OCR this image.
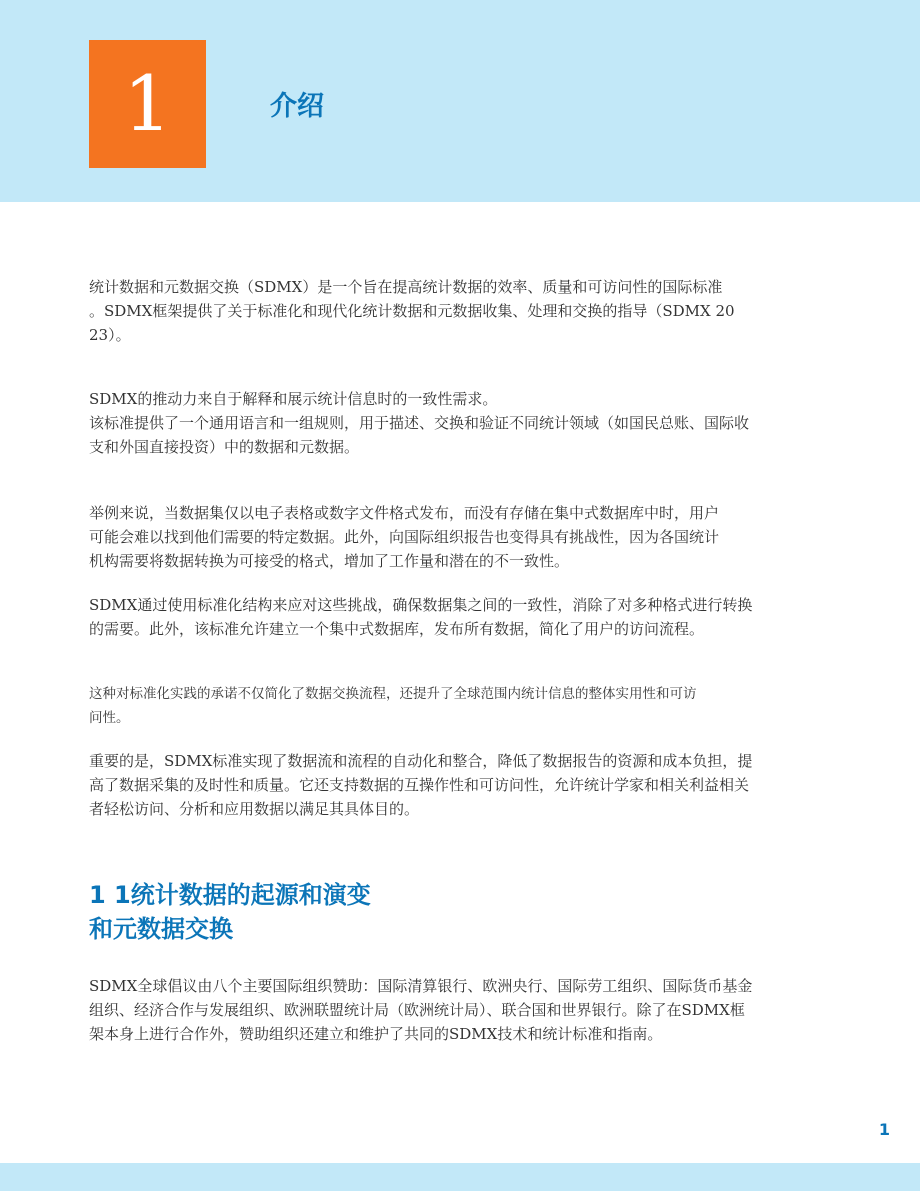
1	介绍

统计数据和元数据交换（SDMX）是一个旨在提高统计数据的效率、质量和可访问性的国际标准
。SDMX框架提供了关于标准化和现代化统计数据和元数据收集、处理和交换的指导（SDMX 20
23）。

SDMX的推动力来自于解释和展示统计信息时的一致性需求。
该标准提供了一个通用语言和一组规则，用于描述、交换和验证不同统计领域（如国民总账、国际收
支和外国直接投资）中的数据和元数据。

举例来说，当数据集仅以电子表格或数字文件格式发布，而没有存储在集中式数据库中时，用户
可能会难以找到他们需要的特定数据。此外，向国际组织报告也变得具有挑战性，因为各国统计
机构需要将数据转换为可接受的格式，增加了工作量和潜在的不一致性。

SDMX通过使用标准化结构来应对这些挑战，确保数据集之间的一致性，消除了对多种格式进行转换
的需要。此外，该标准允许建立一个集中式数据库，发布所有数据，简化了用户的访问流程。

这种对标准化实践的承诺不仅简化了数据交换流程，还提升了全球范围内统计信息的整体实用性和可访
问性。

重要的是，SDMX标准实现了数据流和流程的自动化和整合，降低了数据报告的资源和成本负担，提
高了数据采集的及时性和质量。它还支持数据的互操作性和可访问性，允许统计学家和相关利益相关
者轻松访问、分析和应用数据以满足其具体目的。

1 1统计数据的起源和演变
和元数据交换

SDMX全球倡议由八个主要国际组织赞助：国际清算银行、欧洲央行、国际劳工组织、国际货币基金
组织、经济合作与发展组织、欧洲联盟统计局（欧洲统计局）、联合国和世界银行。除了在SDMX框
架本身上进行合作外，赞助组织还建立和维护了共同的SDMX技术和统计标准和指南。

1
